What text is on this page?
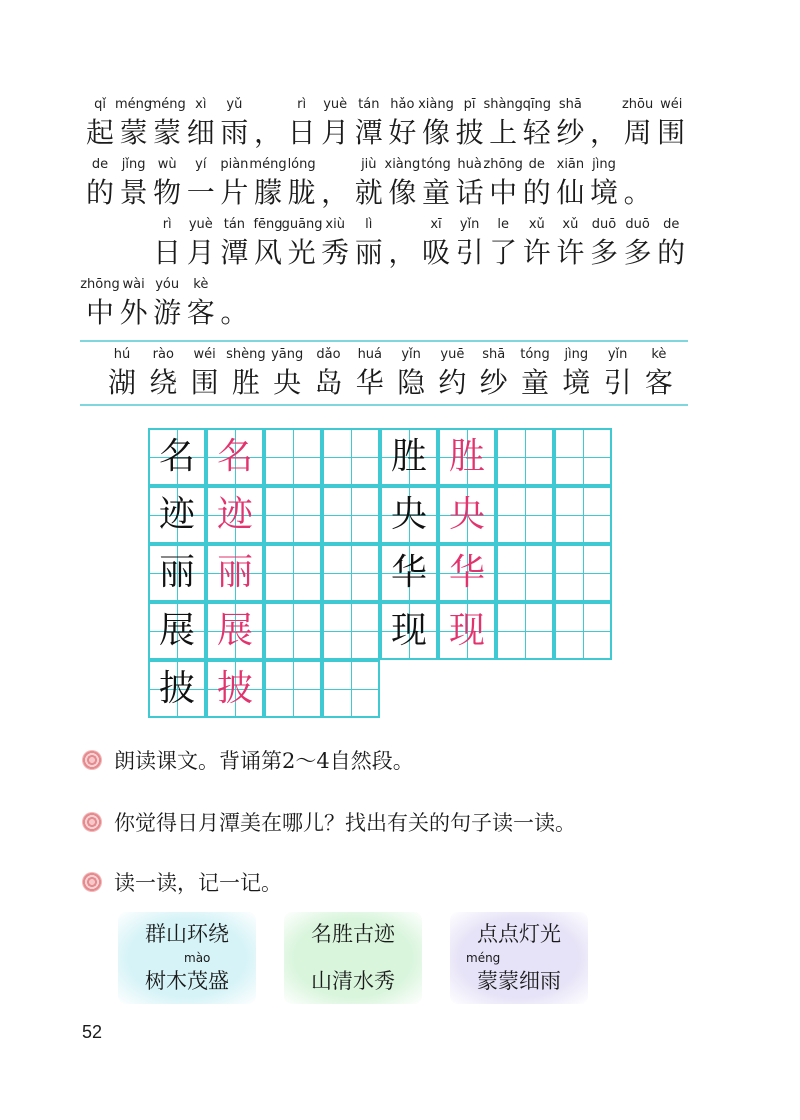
qǐ
起
méng
蒙
méng
蒙
xì
细
yǔ
雨 ，
rì
日
yuè
月
tán
潭
hǎo
好
xiàng
像
pī
披
shàng
上
qīng
轻
shā
纱 ，
zhōu
周
wéi
围
de
的
jǐng
景
wù
物
yí
一
piàn
片
méng
朦
lóng
胧 ，
jiù
就
xiàng
像
tóng
童
huà
话
zhōng
中
de
的
xiān
仙
jìng
境 。
rì
日
yuè
月
tán
潭
fēng
风
guāng
光
xiù
秀
lì
丽 ，
xī
吸
yǐn
引
le
了
xǔ
许
xǔ
许
duō
多
duō
多
de
的
zhōng
中
wài
外
yóu
游
kè
客 。
hú
湖
rào
绕
wéi
围
shèng
胜
yāng
央
dǎo
岛
huá
华
yǐn
隐
yuē
约
shā
纱
tóng
童
jìng
境
yǐn
引
kè
客
名 名
迹 迹
丽 丽
展 展
披 披
胜 胜
央 央
华 华
现 现
朗读课文。背诵第2～4自然段。
你觉得日月潭美在哪儿？找出有关的句子读一读。
读一读，记一记。
群山环绕
mào
树木茂盛
名胜古迹
山清水秀
点点灯光
méng
蒙蒙细雨
52
